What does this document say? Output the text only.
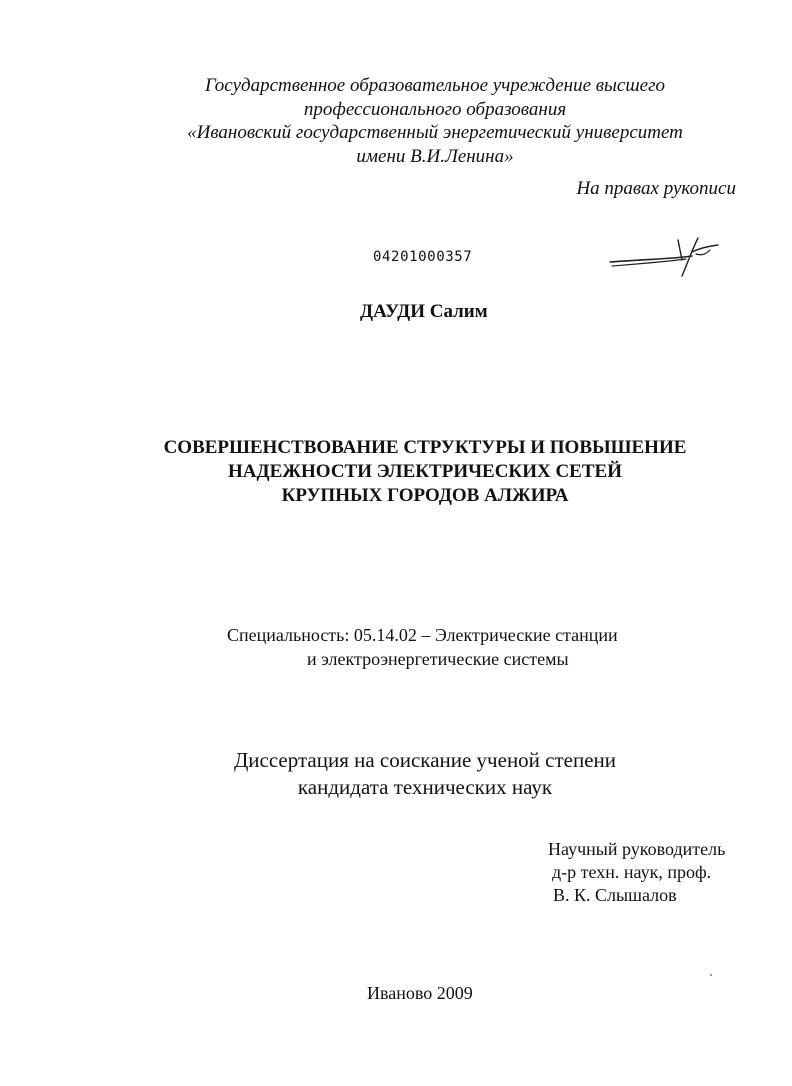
Государственное образовательное учреждение высшего
профессионального образования
«Ивановский государственный энергетический университет
имени В.И.Ленина»
На правах рукописи
04201000357
ДАУДИ Салим
СОВЕРШЕНСТВОВАНИЕ СТРУКТУРЫ И ПОВЫШЕНИЕ
НАДЕЖНОСТИ ЭЛЕКТРИЧЕСКИХ СЕТЕЙ
КРУПНЫХ ГОРОДОВ АЛЖИРА
Специальность: 05.14.02 – Электрические станции
и электроэнергетические системы
Диссертация на соискание ученой степени
кандидата технических наук
Научный руководитель
д-р техн. наук, проф.
В. К. Слышалов
Иваново 2009
